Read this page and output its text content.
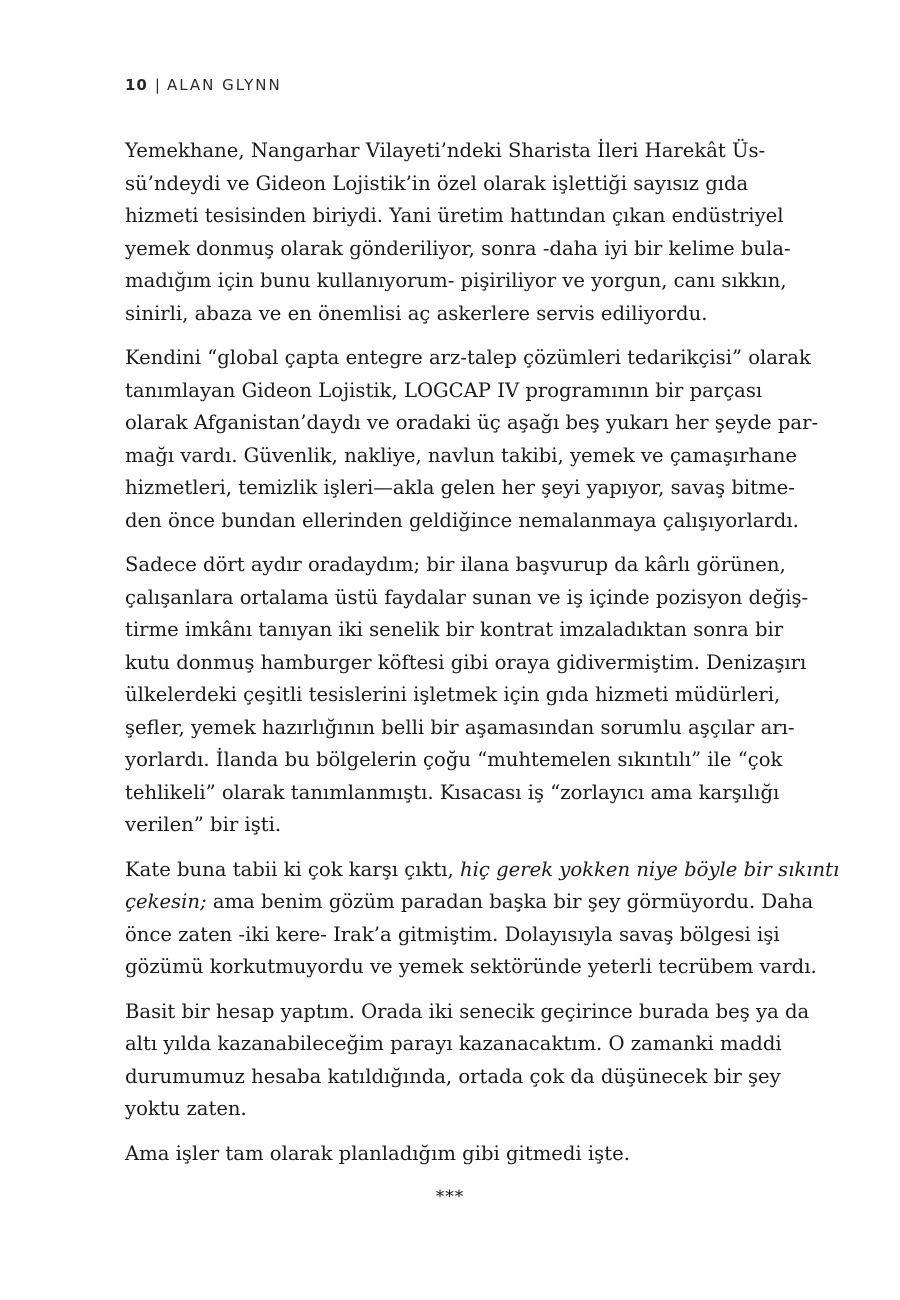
10 | ALAN GLYNN

Yemekhane, Nangarhar Vilayeti’ndeki Sharista İleri Harekât Üs-
sü’ndeydi ve Gideon Lojistik’in özel olarak işlettiği sayısız gıda
hizmeti tesisinden biriydi. Yani üretim hattından çıkan endüstriyel
yemek donmuş olarak gönderiliyor, sonra -daha iyi bir kelime bula-
madığım için bunu kullanıyorum- pişiriliyor ve yorgun, canı sıkkın,
sinirli, abaza ve en önemlisi aç askerlere servis ediliyordu.

Kendini “global çapta entegre arz-talep çözümleri tedarikçisi” olarak
tanımlayan Gideon Lojistik, LOGCAP IV programının bir parçası
olarak Afganistan’daydı ve oradaki üç aşağı beş yukarı her şeyde par-
mağı vardı. Güvenlik, nakliye, navlun takibi, yemek ve çamaşırhane
hizmetleri, temizlik işleri—akla gelen her şeyi yapıyor, savaş bitme-
den önce bundan ellerinden geldiğince nemalanmaya çalışıyorlardı.

Sadece dört aydır oradaydım; bir ilana başvurup da kârlı görünen,
çalışanlara ortalama üstü faydalar sunan ve iş içinde pozisyon değiş-
tirme imkânı tanıyan iki senelik bir kontrat imzaladıktan sonra bir
kutu donmuş hamburger köftesi gibi oraya gidivermiştim. Denizaşırı
ülkelerdeki çeşitli tesislerini işletmek için gıda hizmeti müdürleri,
şefler, yemek hazırlığının belli bir aşamasından sorumlu aşçılar arı-
yorlardı. İlanda bu bölgelerin çoğu “muhtemelen sıkıntılı” ile “çok
tehlikeli” olarak tanımlanmıştı. Kısacası iş “zorlayıcı ama karşılığı
verilen” bir işti.

Kate buna tabii ki çok karşı çıktı, hiç gerek yokken niye böyle bir sıkıntı
çekesin; ama benim gözüm paradan başka bir şey görmüyordu. Daha
önce zaten -iki kere- Irak’a gitmiştim. Dolayısıyla savaş bölgesi işi
gözümü korkutmuyordu ve yemek sektöründe yeterli tecrübem vardı.

Basit bir hesap yaptım. Orada iki senecik geçirince burada beş ya da
altı yılda kazanabileceğim parayı kazanacaktım. O zamanki maddi
durumumuz hesaba katıldığında, ortada çok da düşünecek bir şey
yoktu zaten.

Ama işler tam olarak planladığım gibi gitmedi işte.

***
